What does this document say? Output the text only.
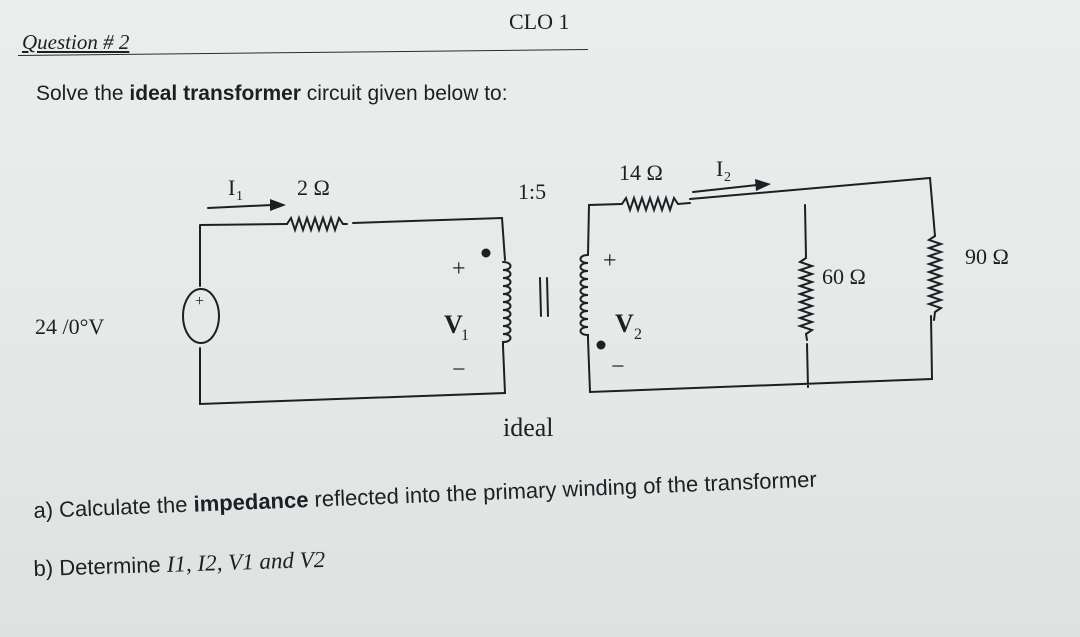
Question # 2
CLO 1
Solve the ideal transformer circuit given below to:
24 /0°V
+
I 1 2 Ω	1:5
+
V
1
−
+
V 2
−
ideal
14 Ω I 2
60 Ω
90 Ω
a) Calculate the impedance reflected into the primary winding of the transformer
b) Determine I1, I2, V1 and V2
